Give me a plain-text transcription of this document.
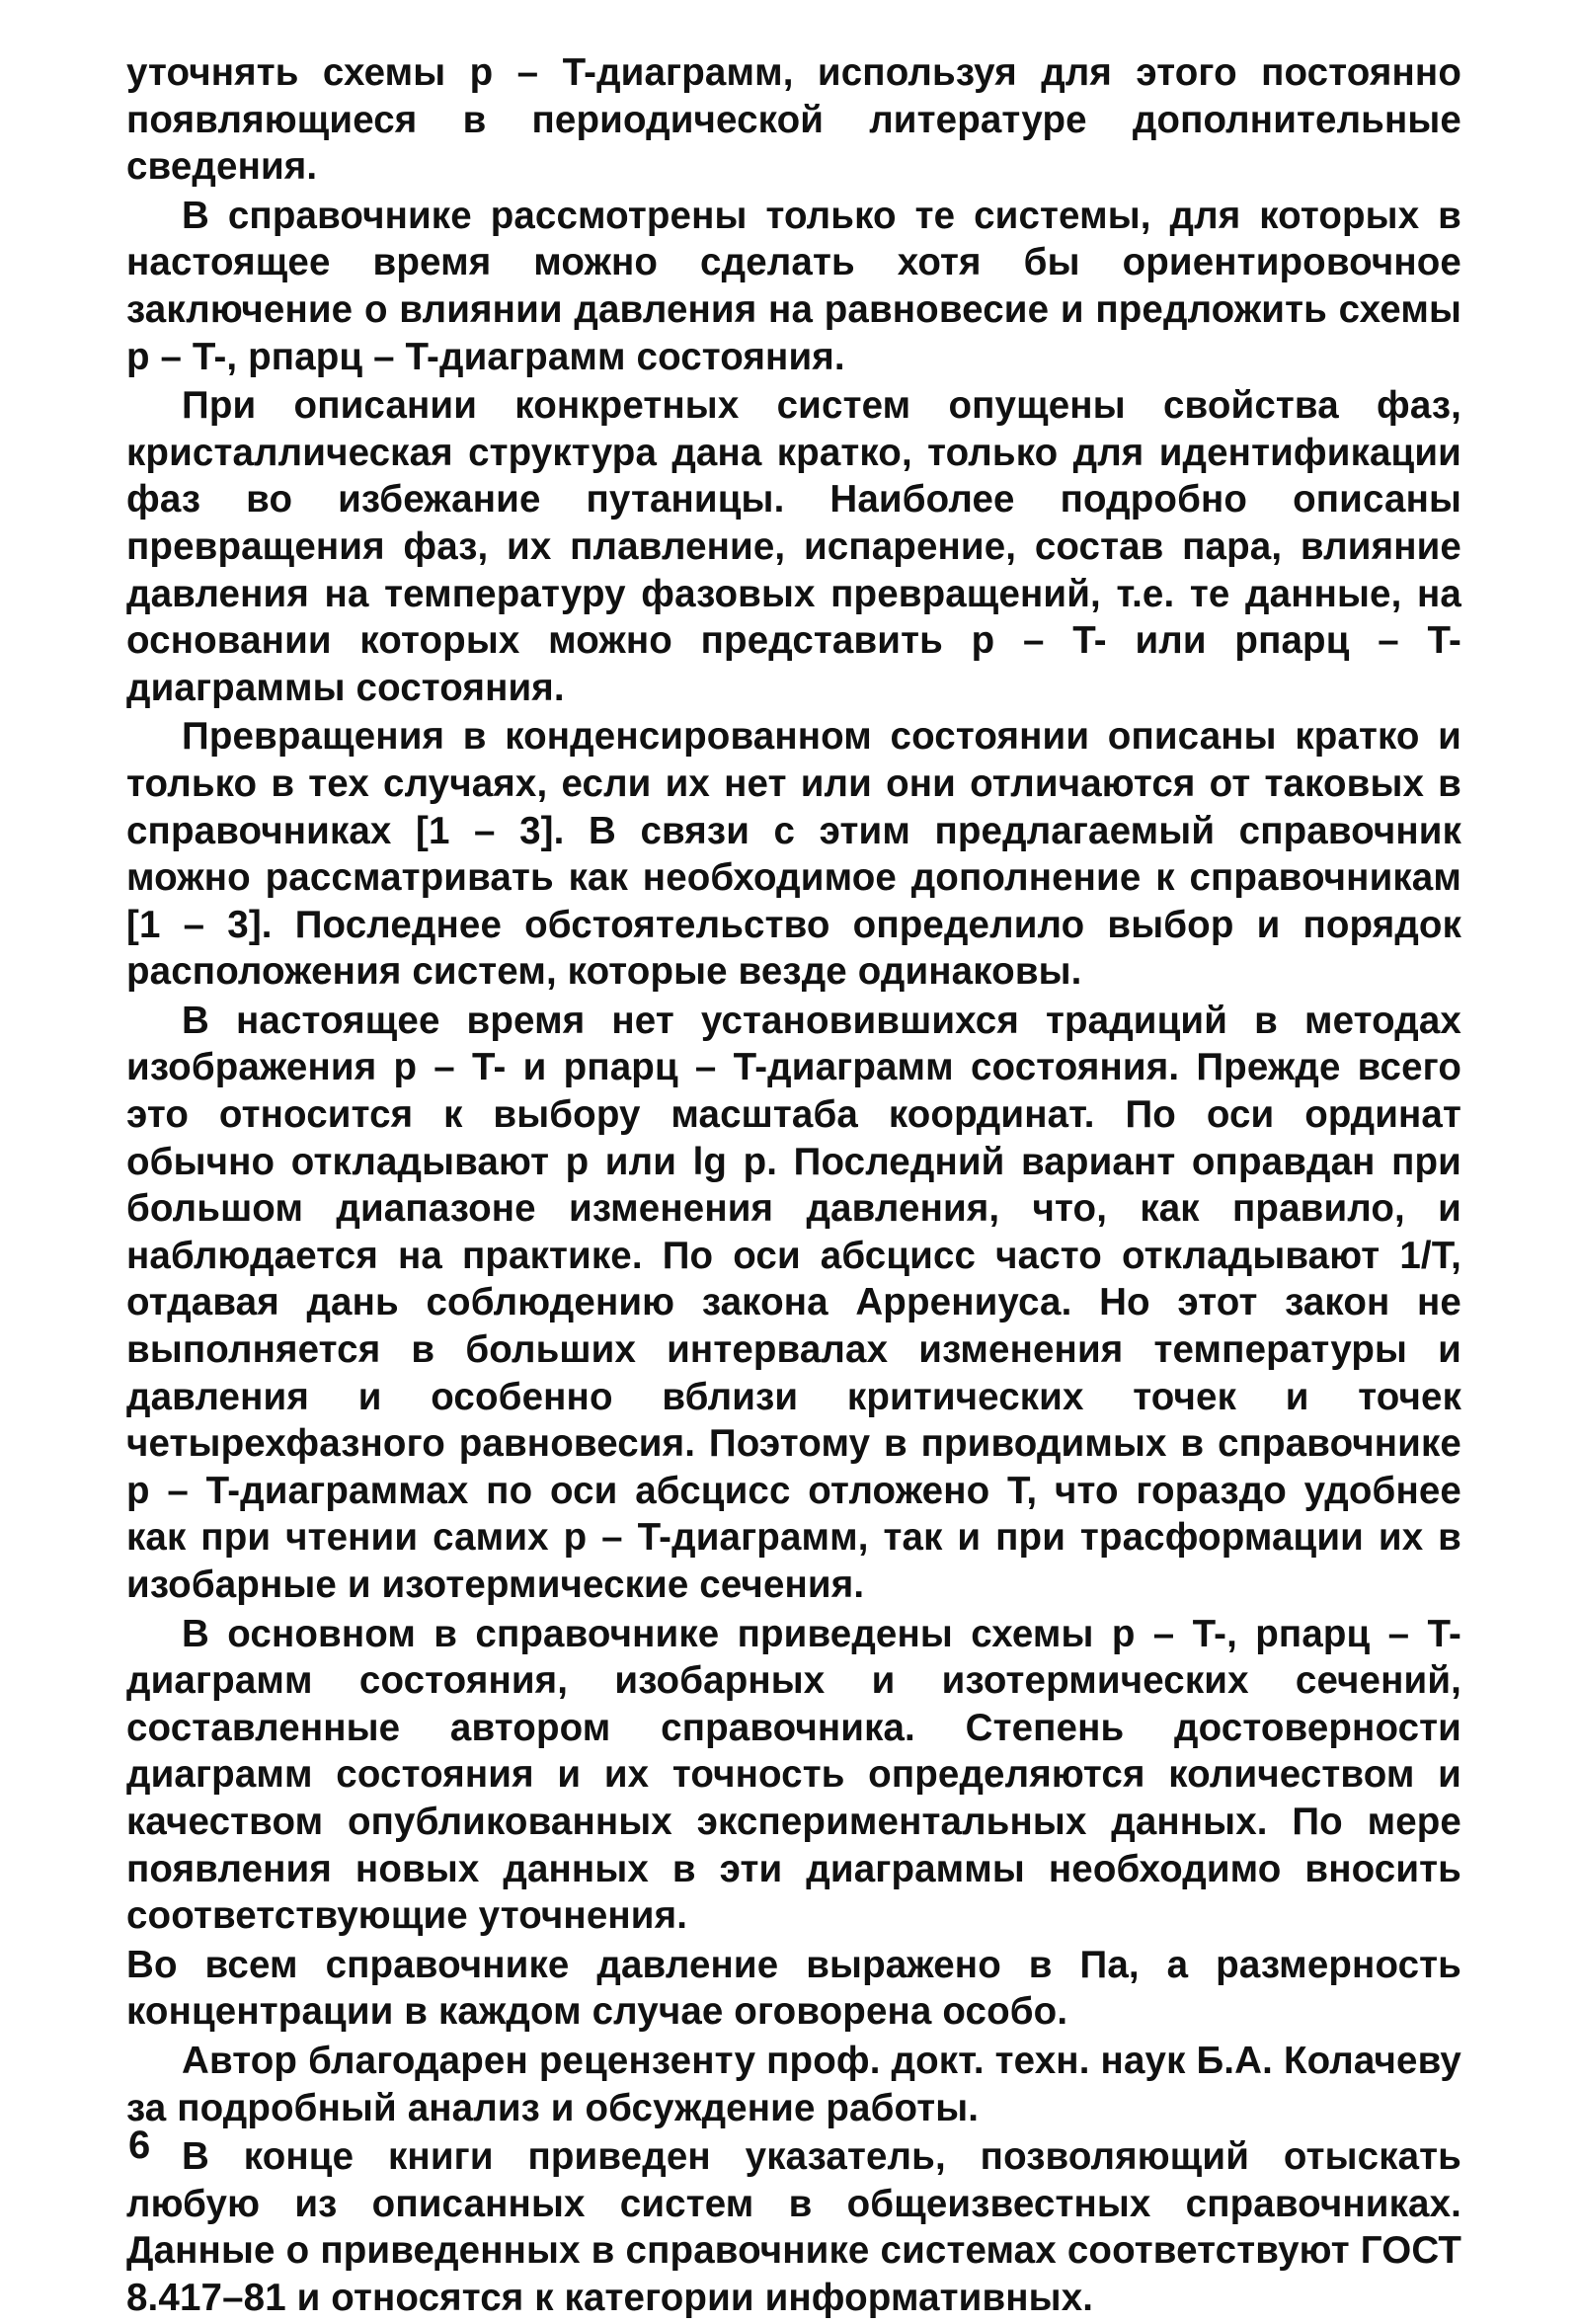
уточнять схемы p – T-диаграмм, используя для этого постоянно появляющиеся в периодической литературе дополнительные сведения.

В справочнике рассмотрены только те системы, для которых в настоящее время можно сделать хотя бы ориентировочное заключение о влиянии давления на равновесие и предложить схемы p – T-, pпарц – T-диаграмм состояния.

При описании конкретных систем опущены свойства фаз, кристаллическая структура дана кратко, только для идентификации фаз во избежание путаницы. Наиболее подробно описаны превращения фаз, их плавление, испарение, состав пара, влияние давления на температуру фазовых превращений, т.е. те данные, на основании которых можно представить p – T- или pпарц – T-диаграммы состояния.

Превращения в конденсированном состоянии описаны кратко и только в тех случаях, если их нет или они отличаются от таковых в справочниках [1 – 3]. В связи с этим предлагаемый справочник можно рассматривать как необходимое дополнение к справочникам [1 – 3]. Последнее обстоятельство определило выбор и порядок расположения систем, которые везде одинаковы.

В настоящее время нет установившихся традиций в методах изображения p – T- и pпарц – T-диаграмм состояния. Прежде всего это относится к выбору масштаба координат. По оси ординат обычно откладывают p или lg p. Последний вариант оправдан при большом диапазоне изменения давления, что, как правило, и наблюдается на практике. По оси абсцисс часто откладывают 1/T, отдавая дань соблюдению закона Аррениуса. Но этот закон не выполняется в больших интервалах изменения температуры и давления и особенно вблизи критических точек и точек четырехфазного равновесия. Поэтому в приводимых в справочнике p – T-диаграммах по оси абсцисс отложено T, что гораздо удобнее как при чтении самих p – T-диаграмм, так и при трасформации их в изобарные и изотермические сечения.

В основном в справочнике приведены схемы p – T-, pпарц – T-диаграмм состояния, изобарных и изотермических сечений, составленные автором справочника. Степень достоверности диаграмм состояния и их точность определяются количеством и качеством опубликованных экспериментальных данных. По мере появления новых данных в эти диаграммы необходимо вносить соответствующие уточнения.

Во всем справочнике давление выражено в Па, а размерность концентрации в каждом случае оговорена особо.

Автор благодарен рецензенту проф. докт. техн. наук Б.А. Колачеву за подробный анализ и обсуждение работы.

В конце книги приведен указатель, позволяющий отыскать любую из описанных систем в общеизвестных справочниках. Данные о приведенных в справочнике системах соответствуют ГОСТ 8.417–81 и относятся к категории информативных.

6
